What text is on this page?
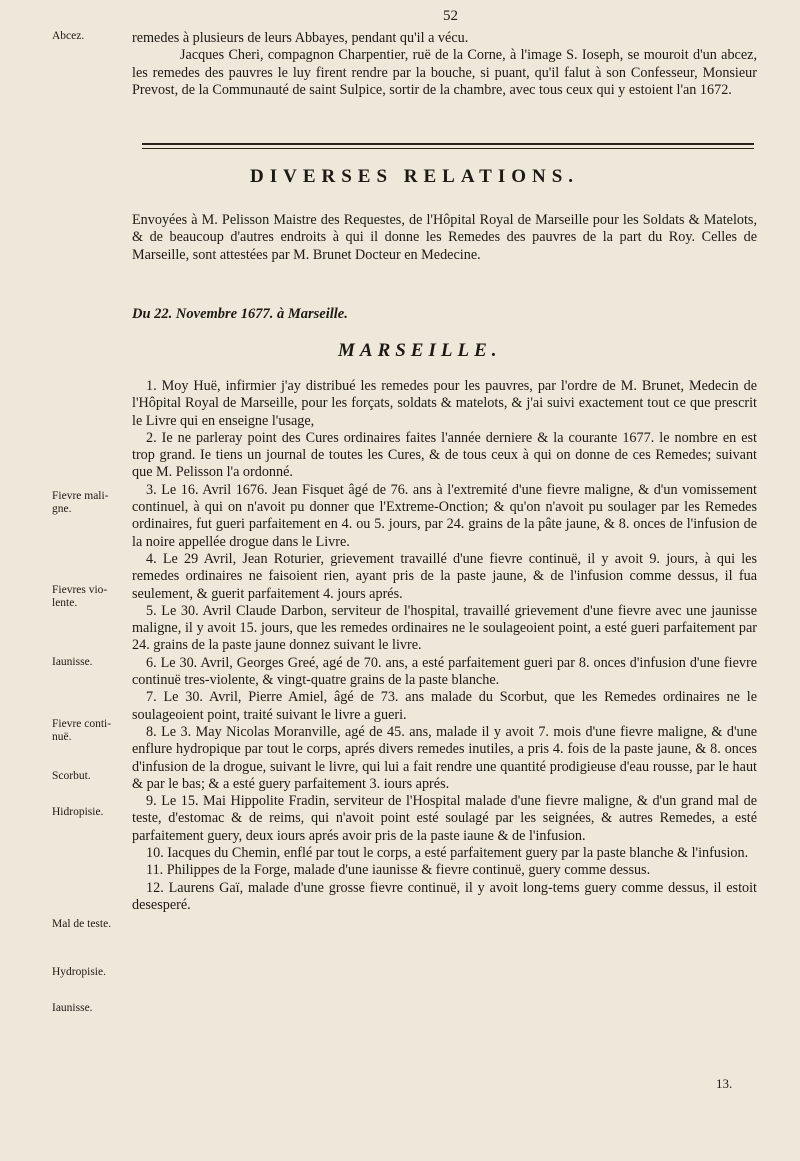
52
Abcez.
Fievre mali-gne.
Fievres vio-lente.
Iaunisse.
Fievre conti-nuë.
Scorbut.
Hidropisie.
Mal de teste.
Hydropisie.
Iaunisse.

remedes à plusieurs de leurs Abbayes, pendant qu'il a vécu.

Jacques Cheri, compagnon Charpentier, ruë de la Corne, à l'image S. Ioseph, se mouroit d'un abcez, les remedes des pauvres le luy firent rendre par la bouche, si puant, qu'il falut à son Confesseur, Monsieur Prevost, de la Communauté de saint Sulpice, sortir de la chambre, avec tous ceux qui y estoient l'an 1672.

DIVERSES RELATIONS.
Envoyées à M. Pelisson Maistre des Requestes, de l'Hôpital Royal de Marseille pour les Soldats & Matelots, & de beaucoup d'autres endroits à qui il donne les Remedes des pauvres de la part du Roy. Celles de Marseille, sont attestées par M. Brunet Docteur en Medecine.
Du 22. Novembre 1677. à Marseille.
MARSEILLE.

1. Moy Huë, infirmier j'ay distribué les remedes pour les pauvres, par l'ordre de M. Brunet, Medecin de l'Hôpital Royal de Marseille, pour les forçats, soldats & matelots, & j'ai suivi exactement tout ce que prescrit le Livre qui en enseigne l'usage,

2. Ie ne parleray point des Cures ordinaires faites l'année derniere & la courante 1677. le nombre en est trop grand. Ie tiens un journal de toutes les Cures, & de tous ceux à qui on donne de ces Remedes; suivant que M. Pelisson l'a ordonné.

3. Le 16. Avril 1676. Jean Fisquet âgé de 76. ans à l'extremité d'une fievre maligne, & d'un vomissement continuel, à qui on n'avoit pu donner que l'Extreme-Onction; & qu'on n'avoit pu soulager par les Remedes ordinaires, fut gueri parfaitement en 4. ou 5. jours, par 24. grains de la pâte jaune, & 8. onces de l'infusion de la noire appellée drogue dans le Livre.

4. Le 29 Avril, Jean Roturier, grievement travaillé d'une fievre continuë, il y avoit 9. jours, à qui les remedes ordinaires ne faisoient rien, ayant pris de la paste jaune, & de l'infusion comme dessus, il fua seulement, & guerit parfaitement 4. jours aprés.

5. Le 30. Avril Claude Darbon, serviteur de l'hospital, travaillé grievement d'une fievre avec une jaunisse maligne, il y avoit 15. jours, que les remedes ordinaires ne le soulageoient point, a esté gueri parfaitement par 24. grains de la paste jaune donnez suivant le livre.

6. Le 30. Avril, Georges Greé, agé de 70. ans, a esté parfaitement gueri par 8. onces d'infusion d'une fievre continuë tres-violente, & vingt-quatre grains de la paste blanche.

7. Le 30. Avril, Pierre Amiel, âgé de 73. ans malade du Scorbut, que les Remedes ordinaires ne le soulageoient point, traité suivant le livre a gueri.

8. Le 3. May Nicolas Moranville, agé de 45. ans, malade il y avoit 7. mois d'une fievre maligne, & d'une enflure hydropique par tout le corps, aprés divers remedes inutiles, a pris 4. fois de la paste jaune, & 8. onces d'infusion de la drogue, suivant le livre, qui lui a fait rendre une quantité prodigieuse d'eau rousse, par le haut & par le bas; & a esté guery parfaitement 3. iours aprés.

9. Le 15. Mai Hippolite Fradin, serviteur de l'Hospital malade d'une fievre maligne, & d'un grand mal de teste, d'estomac & de reims, qui n'avoit point esté soulagé par les seignées, & autres Remedes, a esté parfaitement guery, deux iours aprés avoir pris de la paste iaune & de l'infusion.

10. Iacques du Chemin, enflé par tout le corps, a esté parfaitement guery par la paste blanche & l'infusion.

11. Philippes de la Forge, malade d'une iaunisse & fievre continuë, guery comme dessus.

12. Laurens Gaï, malade d'une grosse fievre continuë, il y avoit long-tems guery comme dessus, il estoit desesperé.

13.
